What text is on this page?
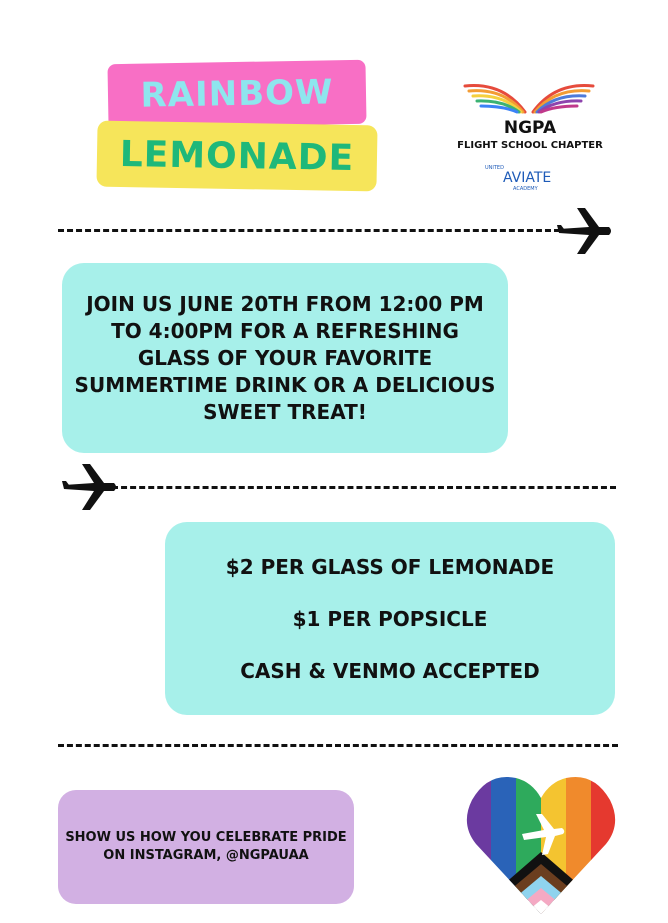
RAINBOW
LEMONADE
NGPA
FLIGHT SCHOOL CHAPTER
UNITED
AVIATE
ACADEMY
JOIN US JUNE 20TH FROM 12:00 PM TO 4:00PM FOR A REFRESHING GLASS OF YOUR FAVORITE SUMMERTIME DRINK OR A DELICIOUS SWEET TREAT!
$2 PER GLASS OF LEMONADE
$1 PER POPSICLE
CASH & VENMO ACCEPTED
SHOW US HOW YOU CELEBRATE PRIDE
ON INSTAGRAM, @NGPAUAA
